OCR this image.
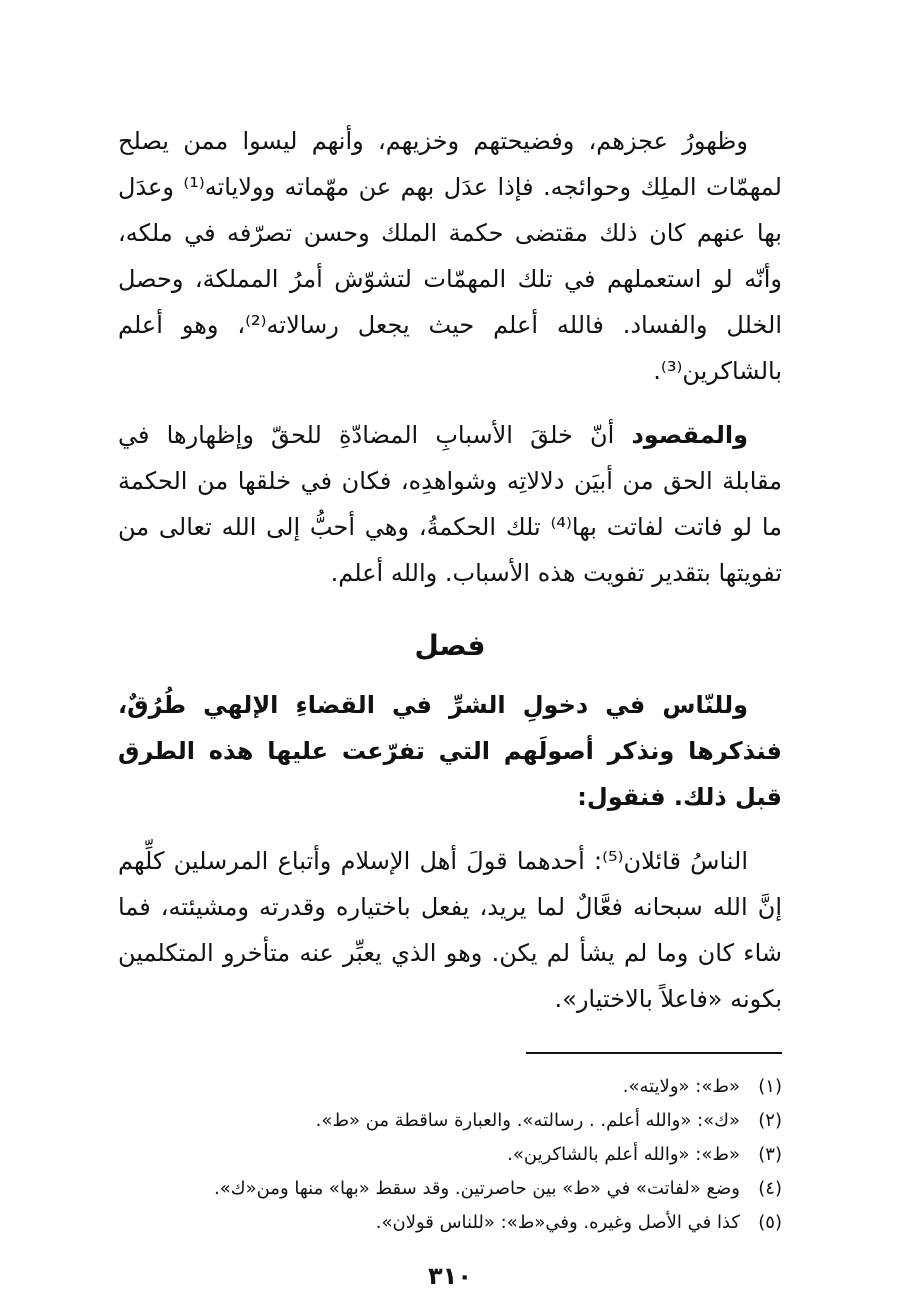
وظهورُ عجزهم، وفضيحتهم وخزيهم، وأنهم ليسوا ممن يصلح لمهمّات الملِك وحوائجه. فإذا عدَل بهم عن مهّماته وولاياته⁽¹⁾ وعدَل بها عنهم كان ذلك مقتضى حكمة الملك وحسن تصرّفه في ملكه، وأنّه لو استعملهم في تلك المهمّات لتشوّش أمرُ المملكة، وحصل الخلل والفساد. فالله أعلم حيث يجعل رسالاته⁽²⁾، وهو أعلم بالشاكرين⁽³⁾.

والمقصود أنّ خلقَ الأسبابِ المضادّةِ للحقّ وإظهارها في مقابلة الحق من أبيَن دلالاتِه وشواهدِه، فكان في خلقها من الحكمة ما لو فاتت لفاتت بها⁽⁴⁾ تلك الحكمةُ، وهي أحبُّ إلى الله تعالى من تفويتها بتقدير تفويت هذه الأسباب. والله أعلم.

فصل

وللنّاس في دخولِ الشرِّ في القضاءِ الإلهي طُرُقٌ، فنذكرها ونذكر أصولَهم التي تفرّعت عليها هذه الطرق قبل ذلك. فنقول:

الناسُ قائلان⁽⁵⁾: أحدهما قولَ أهل الإسلام وأتباع المرسلين كلِّهم إنَّ الله سبحانه فعَّالٌ لما يريد، يفعل باختياره وقدرته ومشيئته، فما شاء كان وما لم يشأ لم يكن. وهو الذي يعبِّر عنه متأخرو المتكلمين بكونه «فاعلاً بالاختيار».

(١)
«ط»: «ولايته».
(٢)
«ك»: «والله أعلم. . رسالته». والعبارة ساقطة من «ط».
(٣)
«ط»: «والله أعلم بالشاكرين».
(٤)
وضع «لفاتت» في «ط» بين حاصرتين. وقد سقط «بها» منها ومن«ك».
(٥)
كذا في الأصل وغيره. وفي«ط»: «للناس قولان».
٣١٠
